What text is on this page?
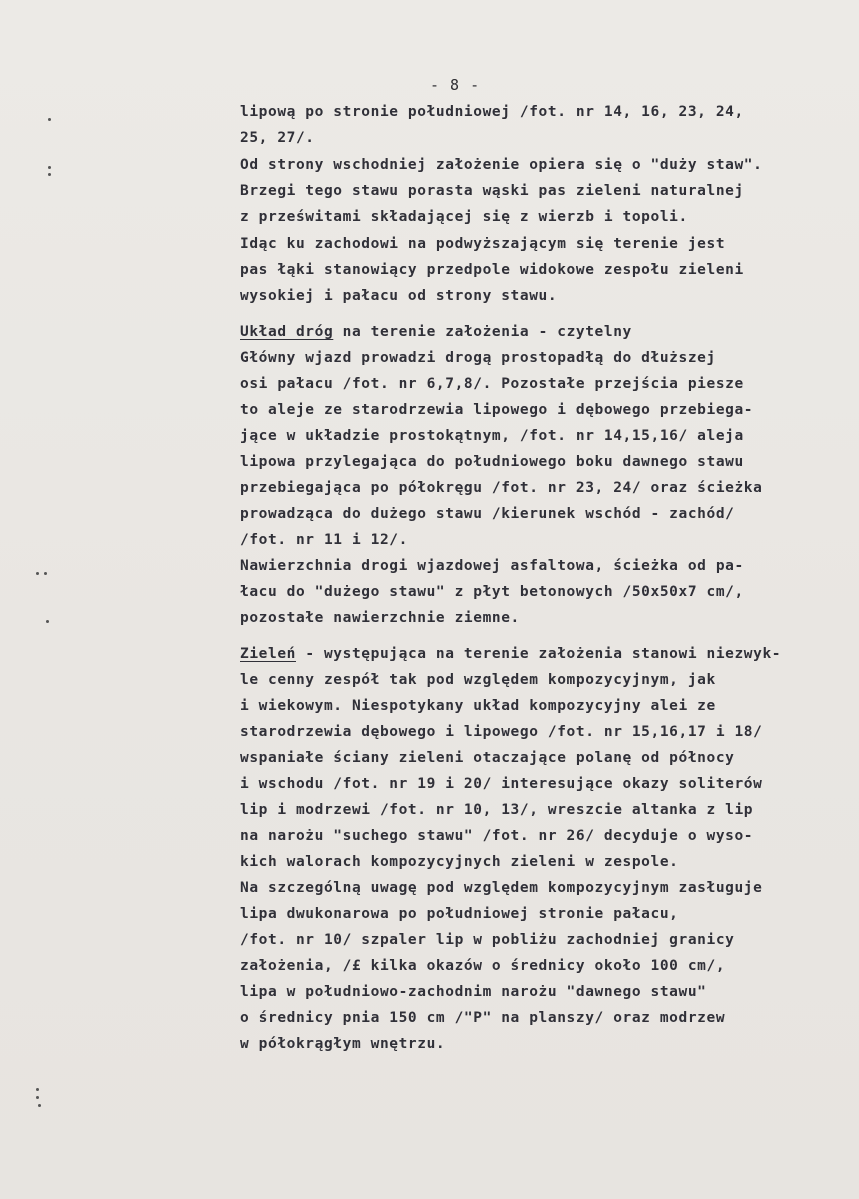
- 8 -
lipową po stronie południowej /fot. nr 14, 16, 23, 24,
25, 27/.
Od strony wschodniej założenie opiera się o "duży staw".
Brzegi tego stawu porasta wąski pas zieleni naturalnej
z prześwitami składającej się z wierzb i topoli.
Idąc ku zachodowi na podwyższającym się terenie jest
pas łąki stanowiący przedpole widokowe zespołu zieleni
wysokiej i pałacu od strony stawu.
Układ dróg na terenie założenia - czytelny
Główny wjazd prowadzi drogą prostopadłą do dłuższej
osi pałacu /fot. nr 6,7,8/. Pozostałe przejścia piesze
to aleje ze starodrzewia lipowego i dębowego przebiega-
jące w układzie prostokątnym, /fot. nr 14,15,16/ aleja
lipowa przylegająca do południowego boku dawnego stawu
przebiegająca po półokręgu /fot. nr 23, 24/ oraz ścieżka
prowadząca do dużego stawu /kierunek wschód - zachód/
/fot. nr 11 i 12/.
Nawierzchnia drogi wjazdowej asfaltowa, ścieżka od pa-
łacu do "dużego stawu" z płyt betonowych /50x50x7 cm/,
pozostałe nawierzchnie ziemne.
Zieleń - występująca na terenie założenia stanowi niezwyk-
le cenny zespół tak pod względem kompozycyjnym, jak
i wiekowym. Niespotykany układ kompozycyjny alei ze
starodrzewia dębowego i lipowego /fot. nr 15,16,17 i 18/
wspaniałe ściany zieleni otaczające polanę od północy
i wschodu /fot. nr 19 i 20/ interesujące okazy soliterów
lip i modrzewi /fot. nr 10, 13/, wreszcie altanka z lip
na narożu "suchego stawu" /fot. nr 26/ decyduje o wyso-
kich walorach kompozycyjnych zieleni w zespole.
Na szczególną uwagę pod względem kompozycyjnym zasługuje
lipa dwukonarowa po południowej stronie pałacu,
/fot. nr 10/ szpaler lip w pobliżu zachodniej granicy
założenia, /£ kilka okazów o średnicy około 100 cm/,
lipa w południowo-zachodnim narożu "dawnego stawu"
o średnicy pnia 150 cm /"P" na planszy/ oraz modrzew
w półokrągłym wnętrzu.
